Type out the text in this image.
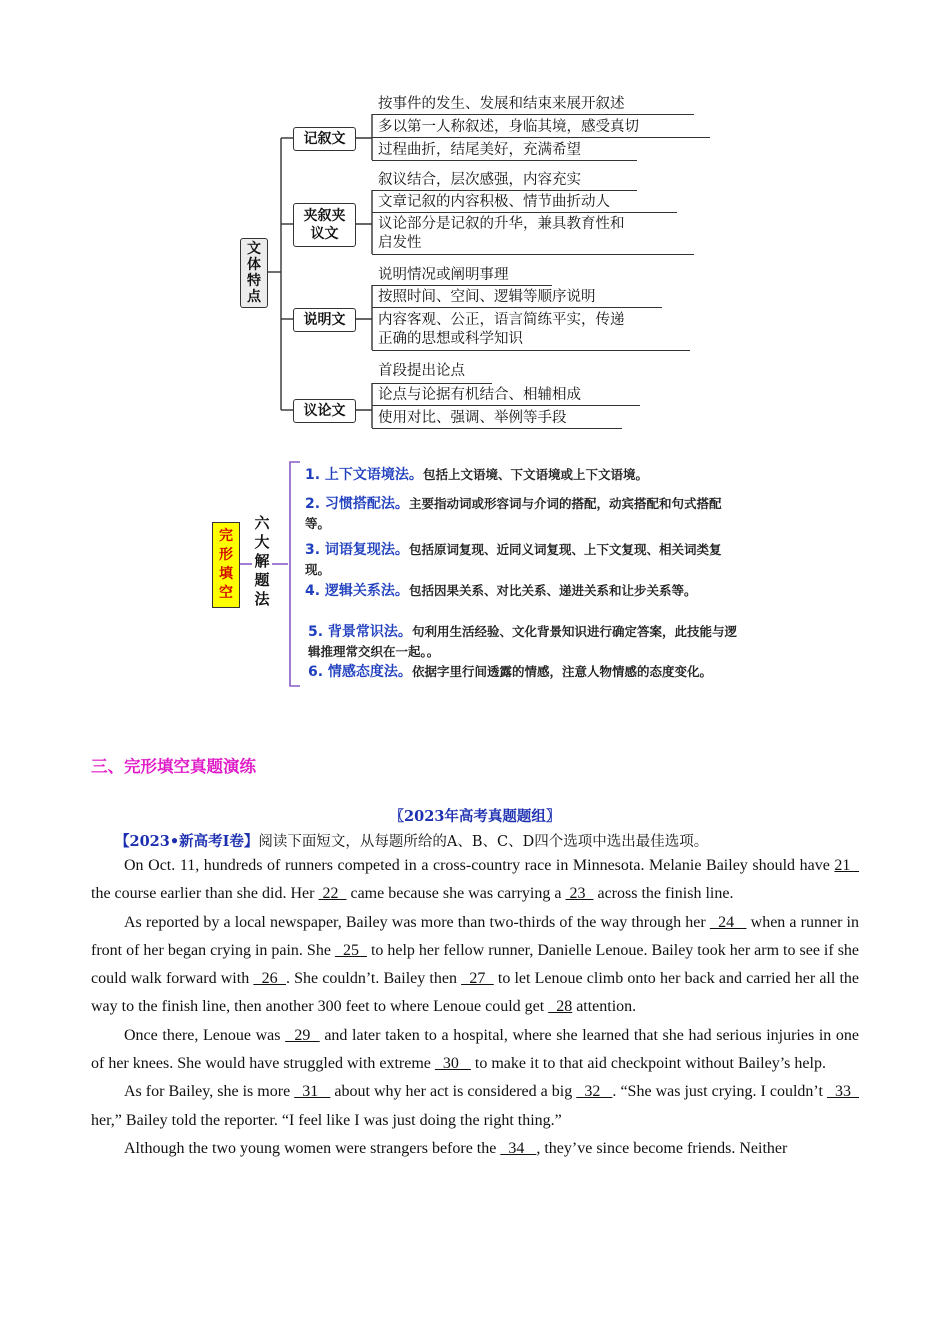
文体特点
记叙文
夹叙夹议文
说明文
议论文
按事件的发生、发展和结束来展开叙述
多以第一人称叙述，身临其境，感受真切
过程曲折，结尾美好，充满希望
叙议结合，层次感强，内容充实
文章记叙的内容积极、情节曲折动人
议论部分是记叙的升华，兼具教育性和
启发性
说明情况或阐明事理
按照时间、空间、逻辑等顺序说明
内容客观、公正，语言简练平实，传递
正确的思想或科学知识
首段提出论点
论点与论据有机结合、相辅相成
使用对比、强调、举例等手段
完形填空
六大解题法
1. 上下文语境法。包括上文语境、下文语境或上下文语境。
2. 习惯搭配法。主要指动词或形容词与介词的搭配，动宾搭配和句式搭配等。
3. 词语复现法。包括原词复现、近同义词复现、上下文复现、相关词类复现。
4. 逻辑关系法。包括因果关系、对比关系、递进关系和让步关系等。
5. 背景常识法。句利用生活经验、文化背景知识进行确定答案，此技能与逻辑推理常交织在一起。。
6. 情感态度法。依据字里行间透露的情感，注意人物情感的态度变化。
三、完形填空真题演练
〖2023年高考真题题组〗
【2023•新高考I卷】阅读下面短文，从每题所给的A、B、C、D四个选项中选出最佳选项。

On Oct. 11, hundreds of runners competed in a cross-country race in Minnesota. Melanie Bailey should have 21   the course earlier than she did. Her  22   came because she was carrying a  23   across the finish line.

As reported by a local newspaper, Bailey was more than two-thirds of the way through her   24    when a runner in front of her began crying in pain. She   25   to help her fellow runner, Danielle Lenoue. Bailey took her arm to see if she could walk forward with   26  . She couldn’t. Bailey then   27   to let Lenoue climb onto her back and carried her all the way to the finish line, then another 300 feet to where Lenoue could get   28 attention.

Once there, Lenoue was   29   and later taken to a hospital, where she learned that she had serious injuries in one of her knees. She would have struggled with extreme   30    to make it to that aid checkpoint without Bailey’s help.

As for Bailey, she is more   31    about why her act is considered a big   32   . “She was just crying. I couldn’t   33   her,” Bailey told the reporter. “I feel like I was just doing the right thing.”

Although the two young women were strangers before the   34   , they’ve since become friends. Neither
